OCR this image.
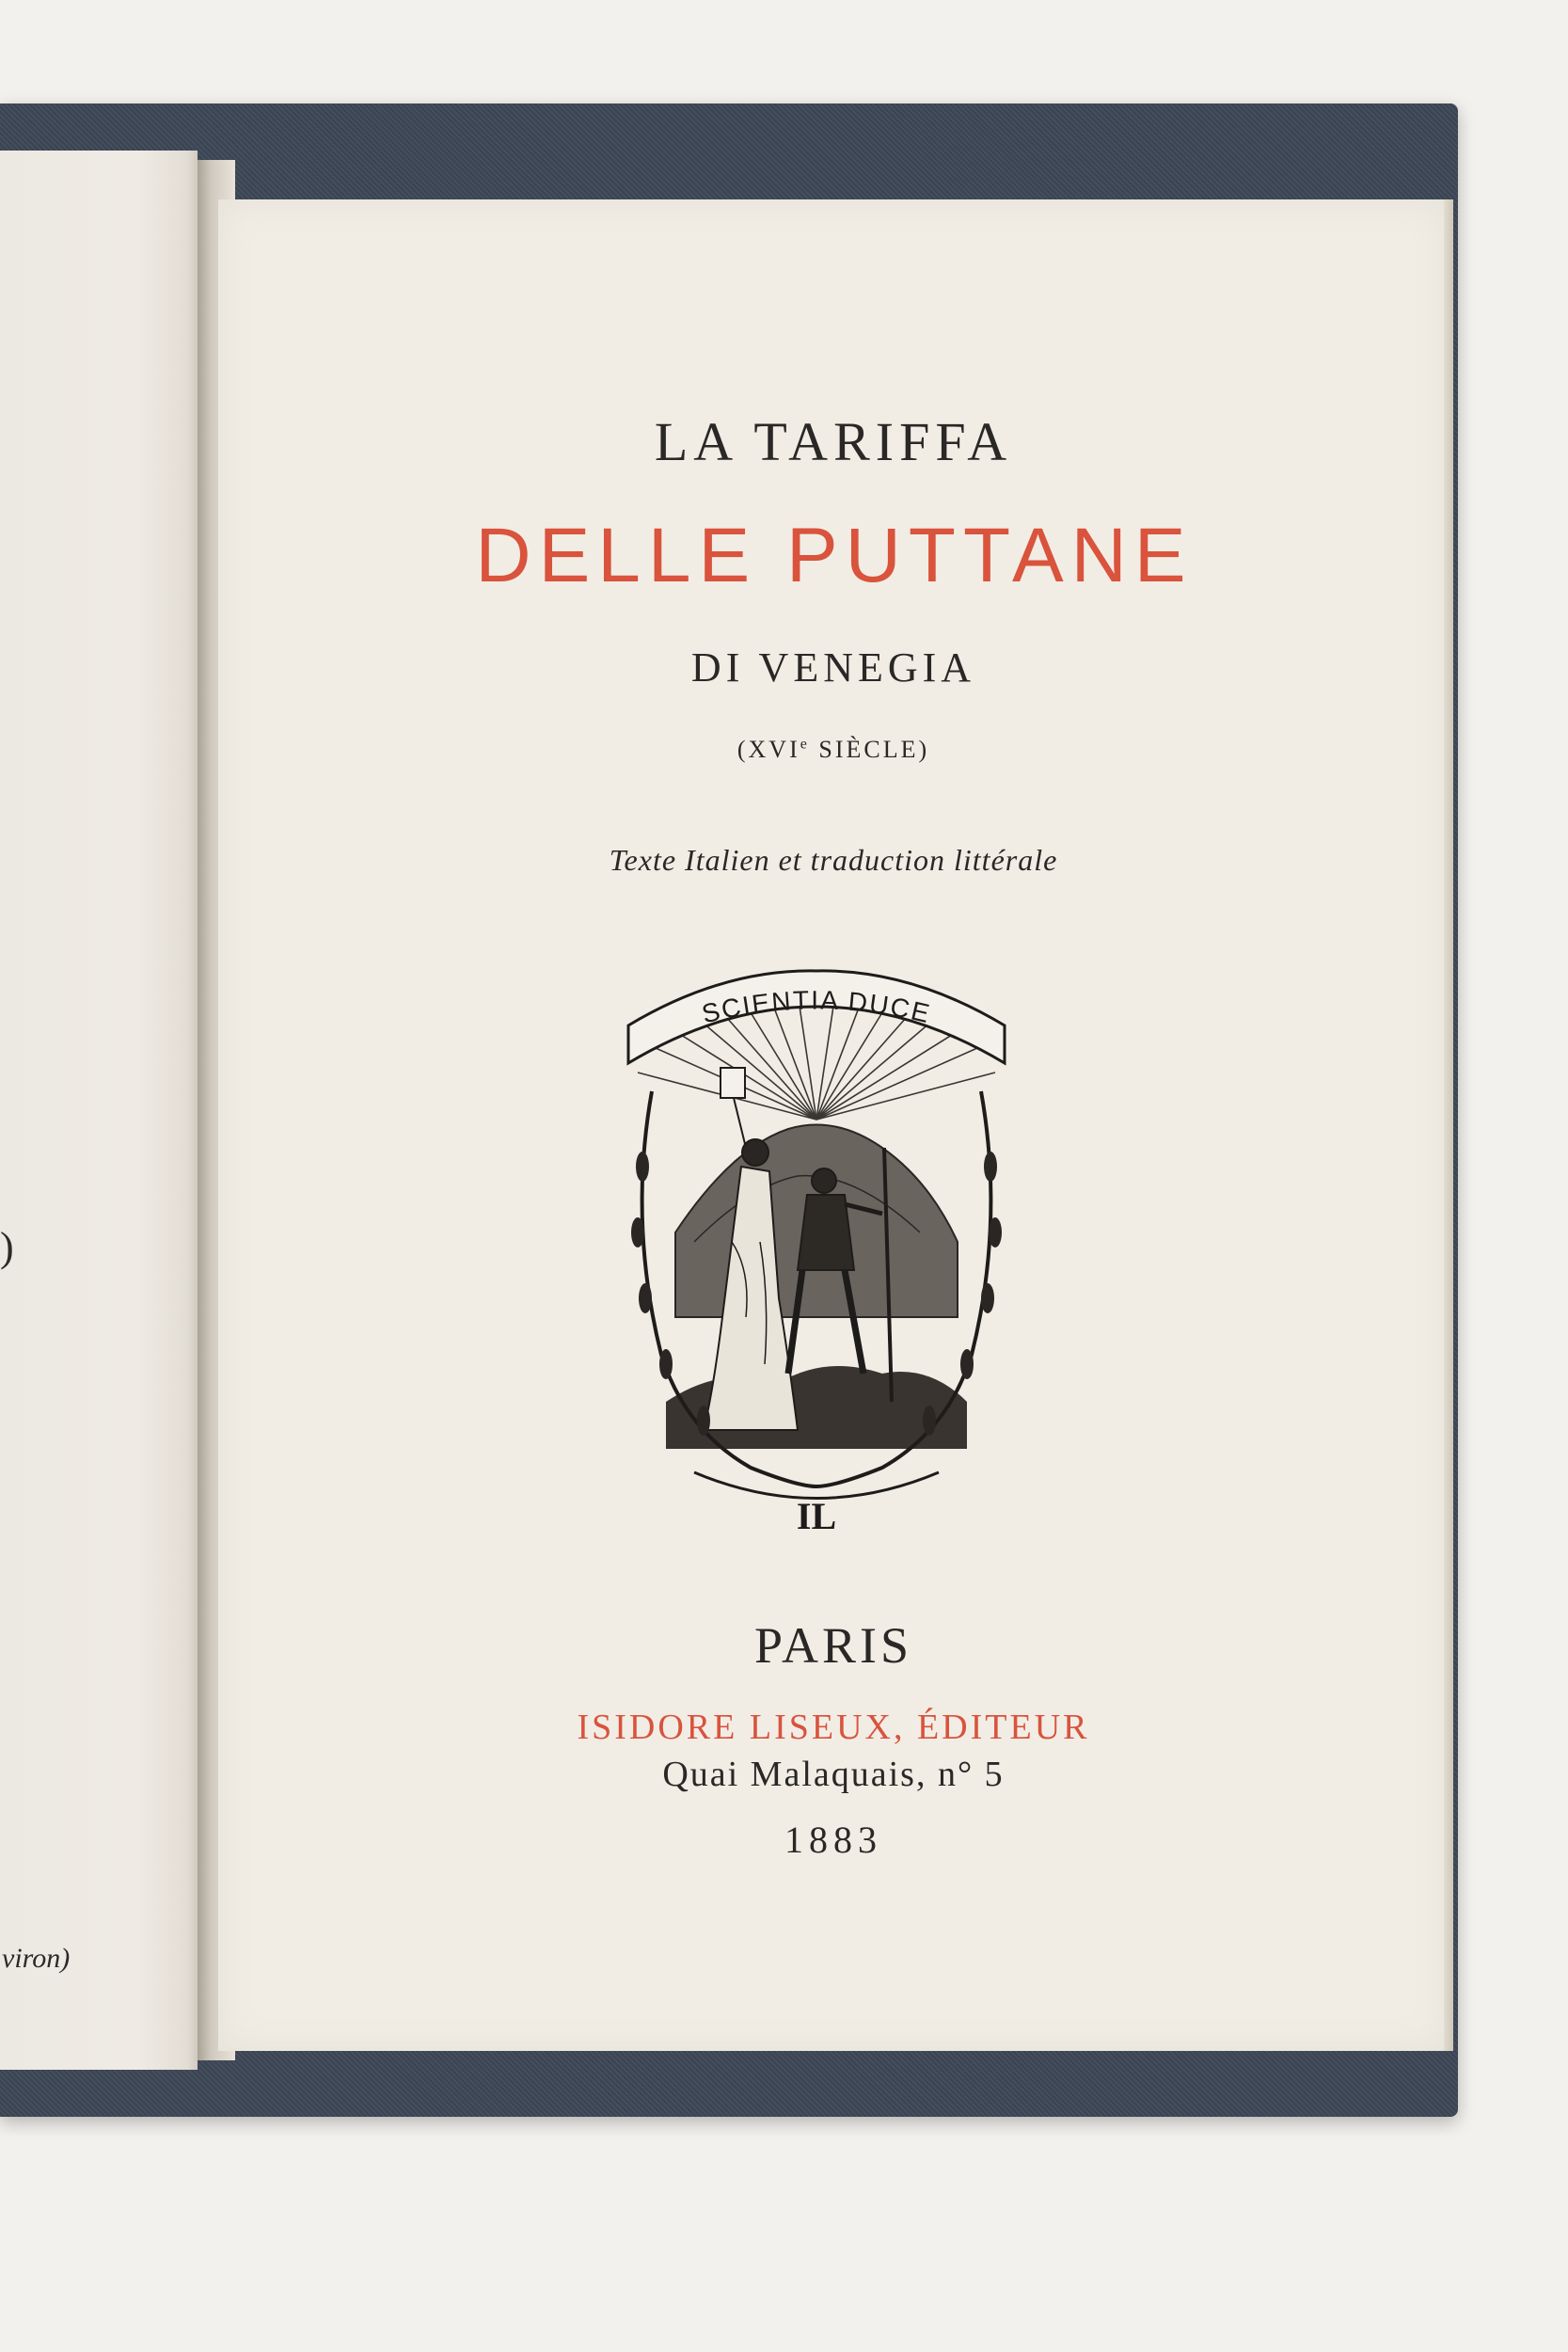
)
viron)
LA TARIFFA
DELLE PUTTANE
DI VENEGIA
(XVIe SIÈCLE)
Texte Italien et traduction littérale
SCIENTIA DUCE
IL
PARIS
ISIDORE LISEUX, ÉDITEUR
Quai Malaquais, n° 5
1883
